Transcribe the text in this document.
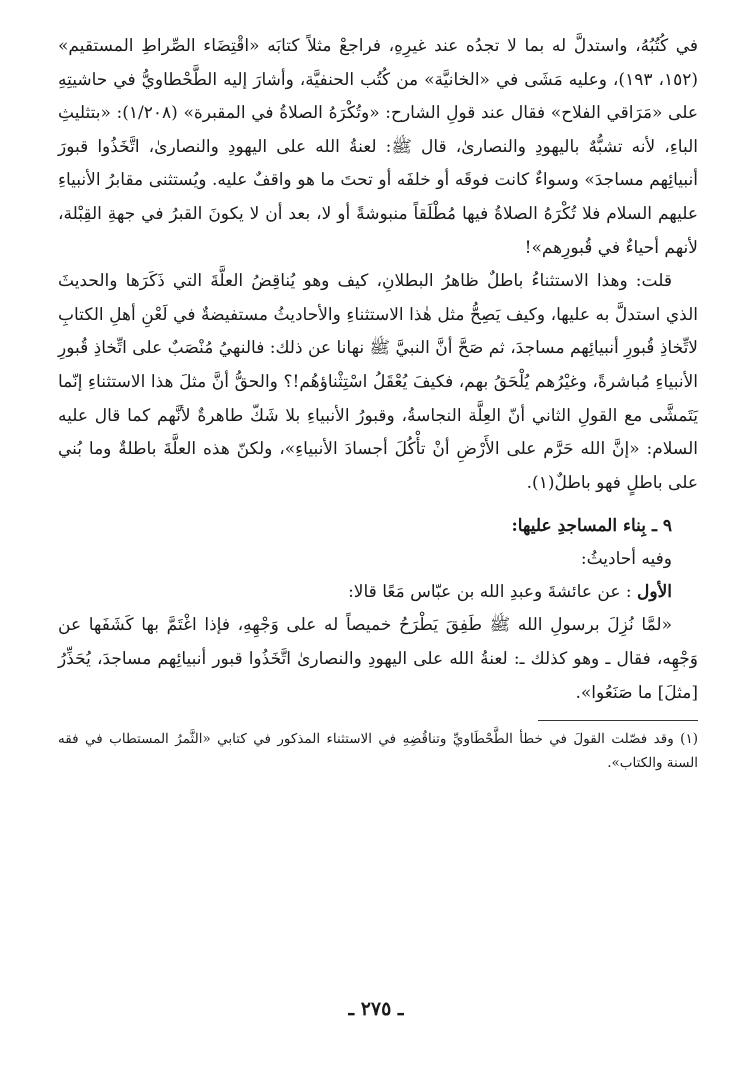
في كُتُبُهُ، واستدلَّ له بما لا تجدُه عند غيرِهِ، فراجعْ مثلاً كتابَه «اقْتِضَاء الصِّراطِ المستقيم» (١٥٢، ١٩٣)، وعليه مَشَى في «الخانيَّة» من كُتُب الحنفيَّة، وأشارَ إليه الطَّحْطاويُّ في حاشيتِهِ على «مَرَاقي الفلاح» فقال عند قولِ الشارح: «وتُكْرَهُ الصلاةُ في المقبرة» (١/٢٠٨): «بتثليثِ الباءِ، لأنه تشبُّهٌ باليهودِ والنصارىٰ، قال ﷺ: لعنةُ الله على اليهودِ والنصارىٰ، اتَّخَذُوا قبورَ أنبيائِهم مساجدَ» وسواءٌ كانت فوقَه أو خلفَه أو تحتَ ما هو واقفٌ عليه. ويُستثنى مقابرُ الأنبياءِ عليهم السلام فلا تُكْرَهُ الصلاةُ فيها مُطْلَقاً منبوشةً أو لا، بعد أن لا يكونَ القبرُ في جهةِ القِبْلة، لأنهم أحياءٌ في قُبورِهم»!

قلت: وهذا الاستثناءُ باطلٌ ظاهرُ البطلانِ، كيف وهو يُناقِضُ العلَّةَ التي ذَكَرَها والحديثَ الذي استدلَّ به عليها، وكيف يَصِحُّ مثل هٰذا الاستثناءِ والأحاديثُ مستفيضةٌ في لَعْنِ أهلِ الكتابِ لاتِّخاذِ قُبورِ أنبيائِهم مساجدَ، ثم صَحَّ أنَّ النبيَّ ﷺ نهانا عن ذلك: فالنهيُ مُنْصَبٌ على اتِّخاذِ قُبورِ الأنبياءِ مُباشرةً، وغيْرُهم يُلْحَقُ بهم، فكيفَ يُعْقَلُ اسْتِثْناؤهُم!؟ والحقُّ أنَّ مثلَ هذا الاستثناءِ إنّما يَتَمشَّى مع القولِ الثاني أنّ العِلَّة النجاسةُ، وقبورُ الأنبياءِ بلا شَكّ طاهرةٌ لأنَّهم كما قال عليه السلام: «إنَّ الله حَرَّم على الأَرْضِ أنْ تأْكُلَ أجسادَ الأنبياءِ»، ولكنّ هذه العلَّةَ باطلةٌ وما بُني على باطلٍ فهو باطلٌ(١).

٩ ـ بِناء المساجدِ عليها:

وفيه أحاديثُ:

الأول : عن عائشةَ وعبدِ الله بن عبّاس مَعًا قالا:

«لمَّا نُزِلَ برسولِ الله ﷺ طَفِقَ يَطْرَحُ خميصاً له على وَجْهِهِ، فإذا اغْتَمَّ بها كَشَفَها عن وَجْهِه، فقال ـ وهو كذلك ـ: لعنةُ الله على اليهودِ والنصارىٰ اتَّخَذُوا قبور أنبيائِهم مساجدَ، يُحَذِّرُ [مثلَ] ما صَنَعُوا».

(١) وقد فصّلت القولَ في خطأ الطَّحْطَاويِّ وتناقُضِهِ في الاستثناء المذكور في كتابي «الثَّمرُ المستطاب في فقه السنة والكتاب».

ـ ٢٧٥ ـ
